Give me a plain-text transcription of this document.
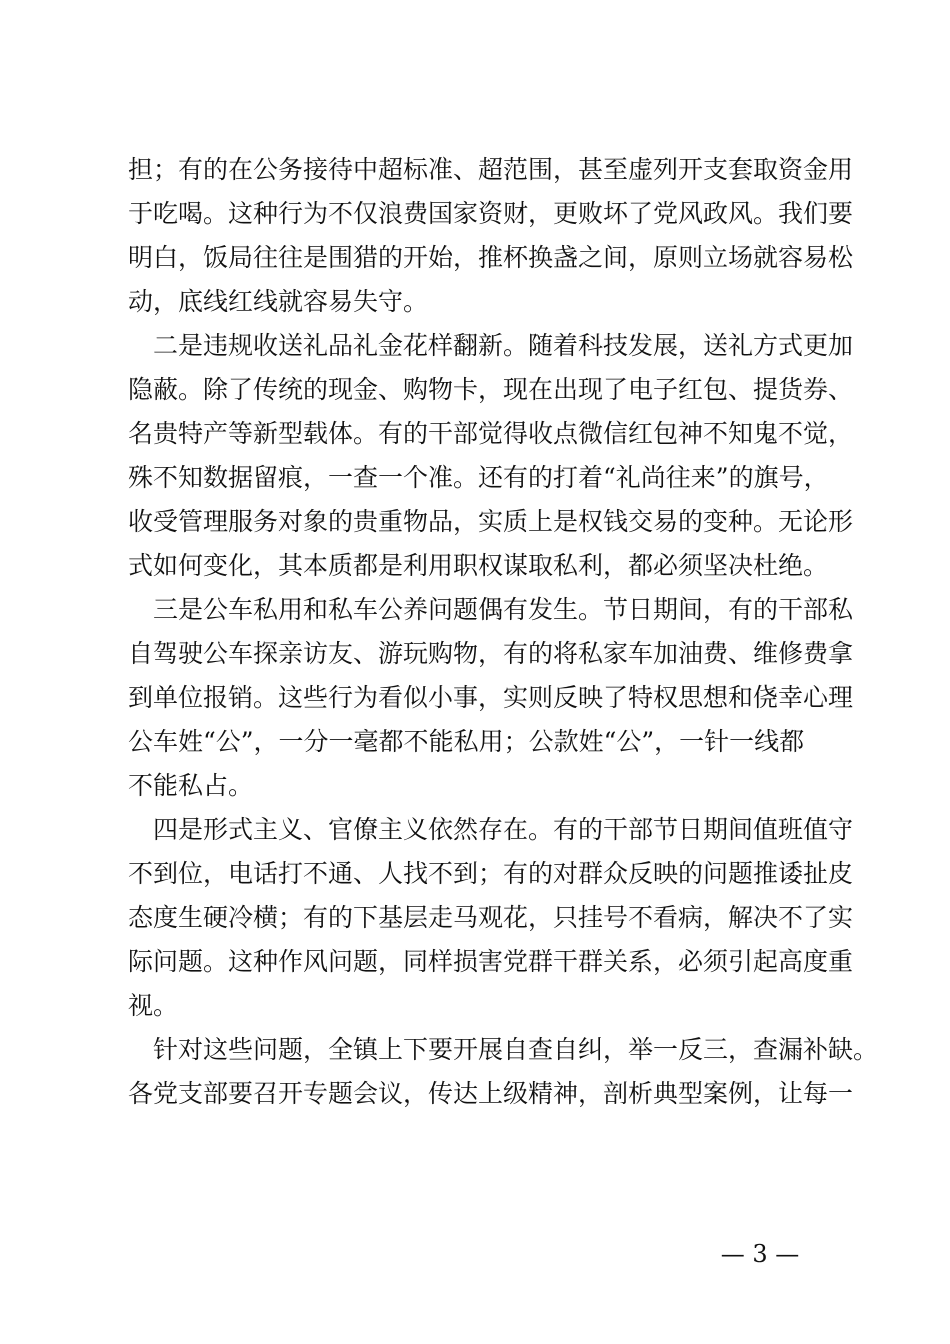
担；有的在公务接待中超标准、超范围，甚至虚列开支套取资金用
于吃喝。这种行为不仅浪费国家资财，更败坏了党风政风。我们要
明白，饭局往往是围猎的开始，推杯换盏之间，原则立场就容易松
动，底线红线就容易失守。
　二是违规收送礼品礼金花样翻新。随着科技发展，送礼方式更加
隐蔽。除了传统的现金、购物卡，现在出现了电子红包、提货券、
名贵特产等新型载体。有的干部觉得收点微信红包神不知鬼不觉，
殊不知数据留痕，一查一个准。还有的打着“礼尚往来”的旗号，
收受管理服务对象的贵重物品，实质上是权钱交易的变种。无论形
式如何变化，其本质都是利用职权谋取私利，都必须坚决杜绝。
　三是公车私用和私车公养问题偶有发生。节日期间，有的干部私
自驾驶公车探亲访友、游玩购物，有的将私家车加油费、维修费拿
到单位报销。这些行为看似小事，实则反映了特权思想和侥幸心理
公车姓“公”，一分一毫都不能私用；公款姓“公”，一针一线都
不能私占。
　四是形式主义、官僚主义依然存在。有的干部节日期间值班值守
不到位，电话打不通、人找不到；有的对群众反映的问题推诿扯皮
态度生硬冷横；有的下基层走马观花，只挂号不看病，解决不了实
际问题。这种作风问题，同样损害党群干群关系，必须引起高度重
视。
　针对这些问题，全镇上下要开展自查自纠，举一反三，查漏补缺。
各党支部要召开专题会议，传达上级精神，剖析典型案例，让每一
— 3 —
